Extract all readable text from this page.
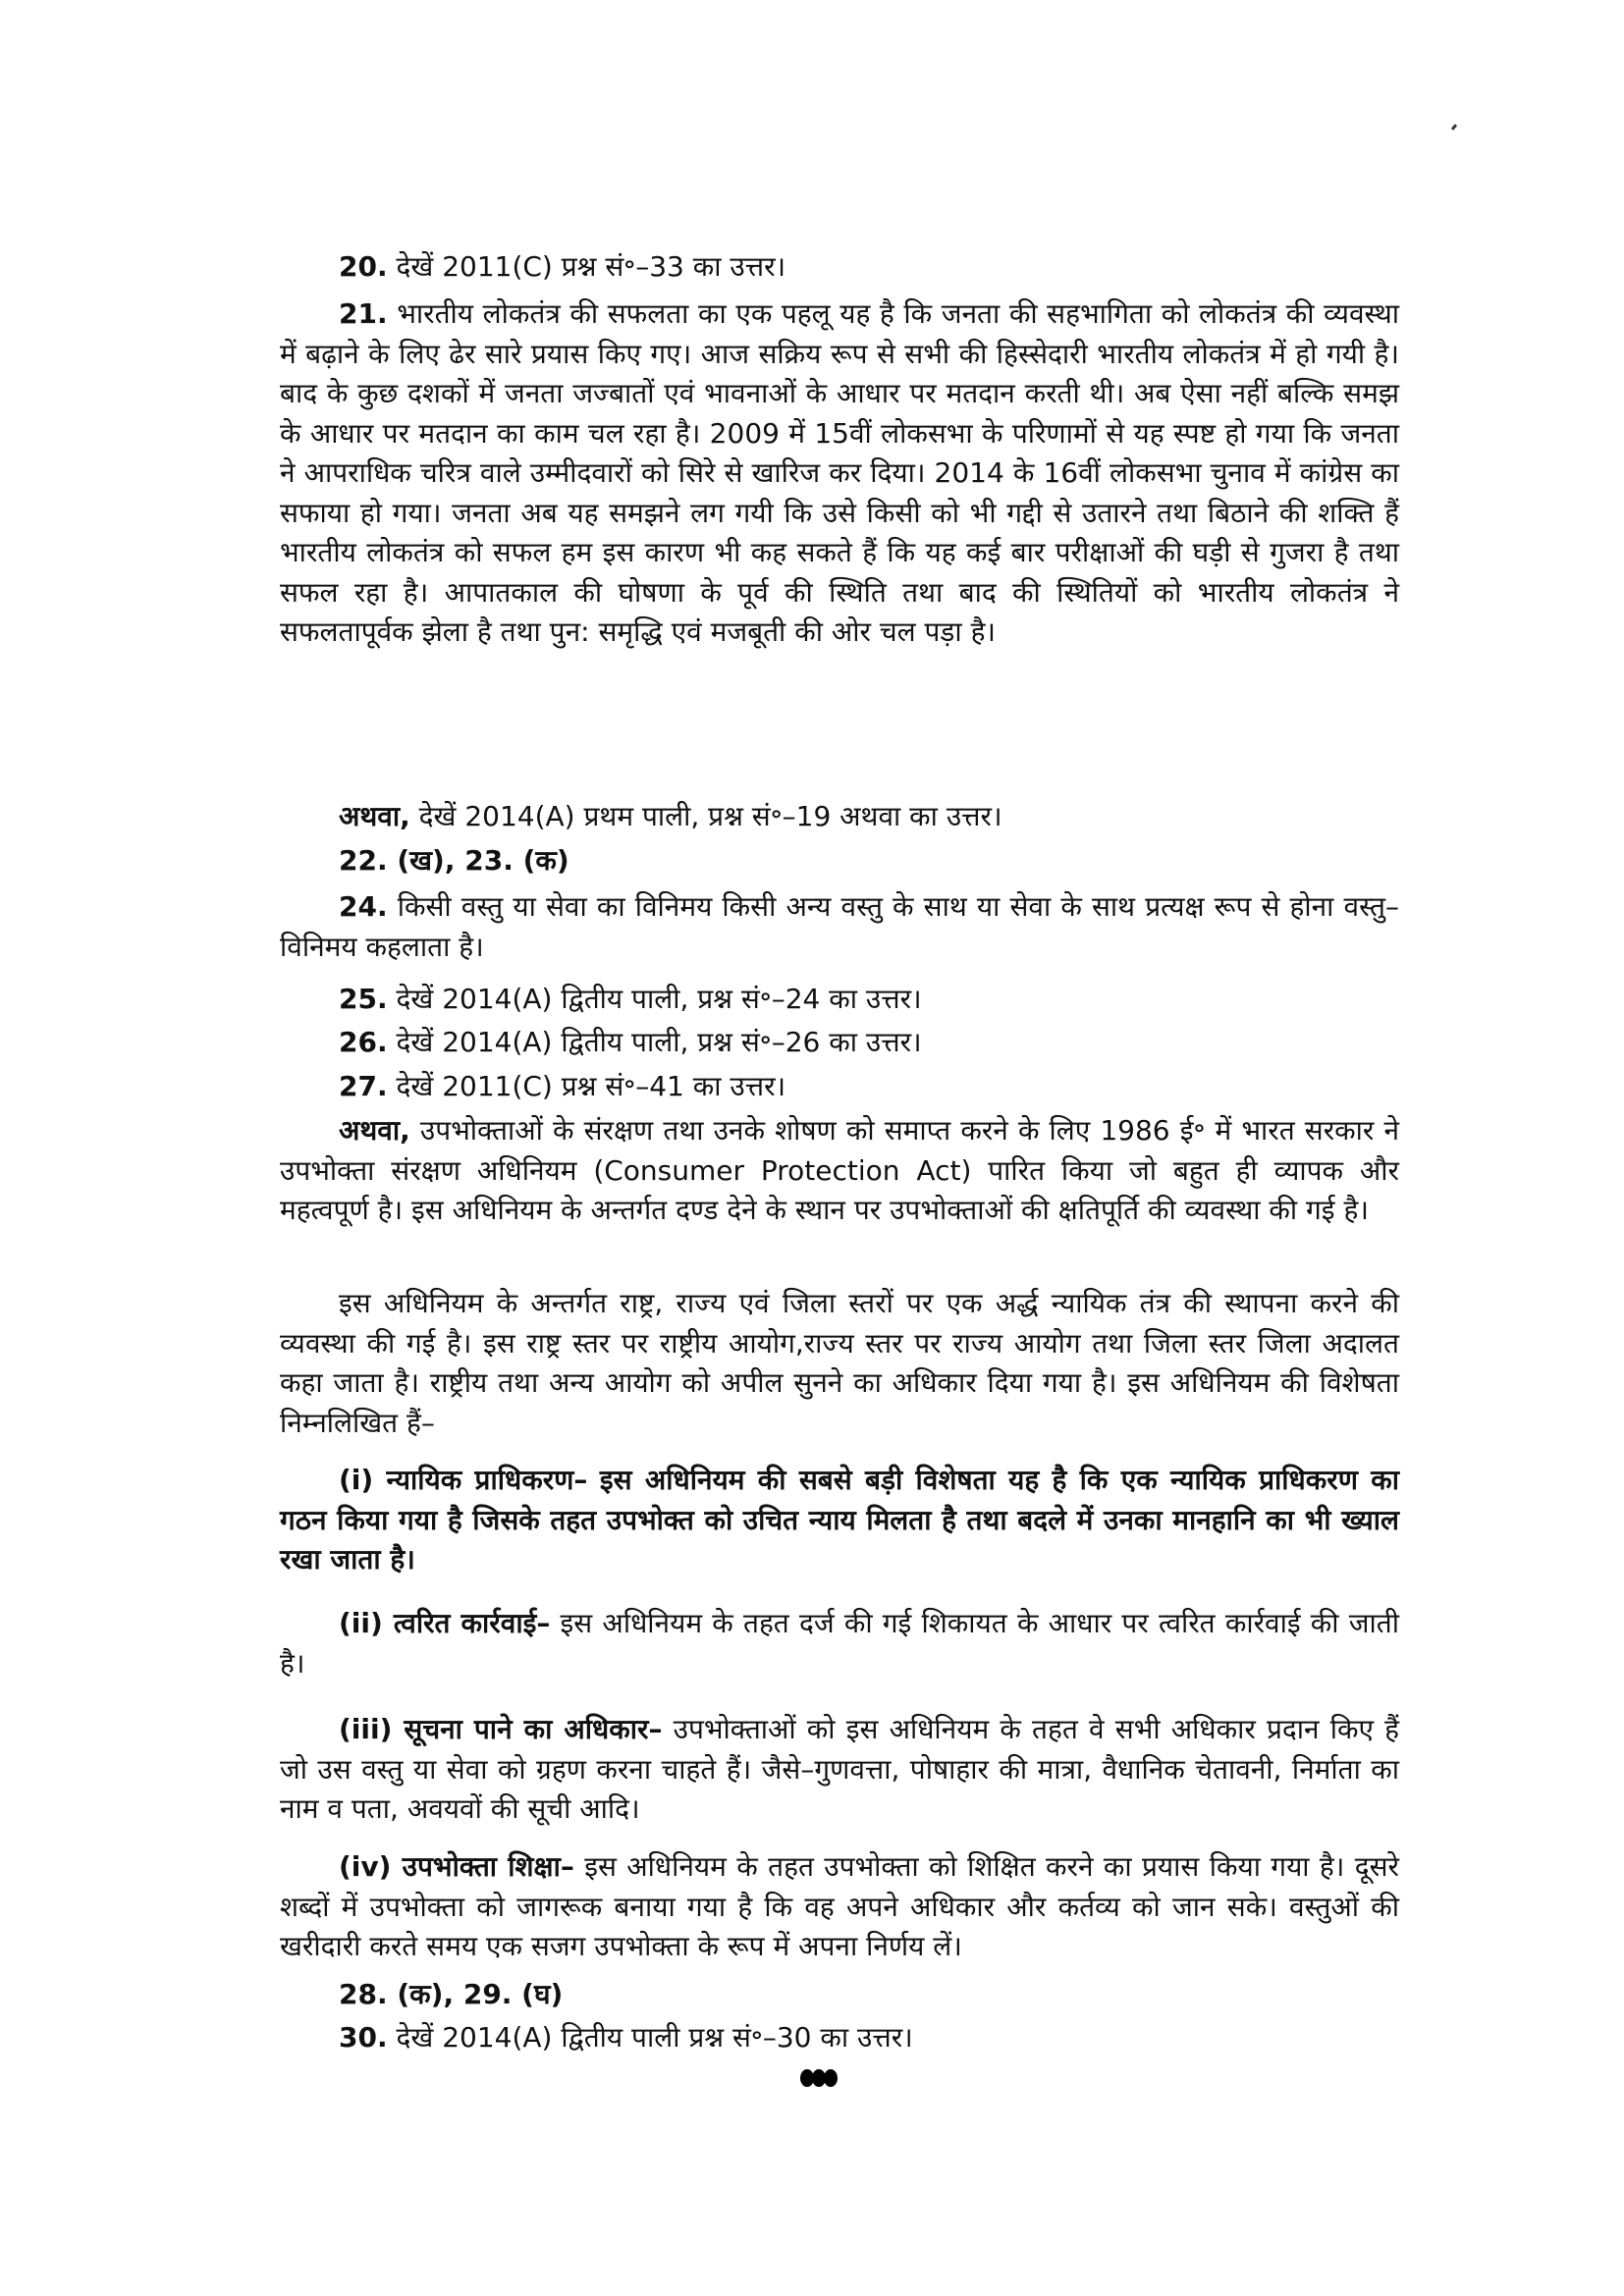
20. देखें 2011(C) प्रश्न सं॰–33 का उत्तर।
21. भारतीय लोकतंत्र की सफलता का एक पहलू यह है कि जनता की सहभागिता को लोकतंत्र की व्यवस्था में बढ़ाने के लिए ढेर सारे प्रयास किए गए। आज सक्रिय रूप से सभी की हिस्सेदारी भारतीय लोकतंत्र में हो गयी है। बाद के कुछ दशकों में जनता जज्बातों एवं भावनाओं के आधार पर मतदान करती थी। अब ऐसा नहीं बल्कि समझ के आधार पर मतदान का काम चल रहा है। 2009 में 15वीं लोकसभा के परिणामों से यह स्पष्ट हो गया कि जनता ने आपराधिक चरित्र वाले उम्मीदवारों को सिरे से खारिज कर दिया। 2014 के 16वीं लोकसभा चुनाव में कांग्रेस का सफाया हो गया। जनता अब यह समझने लग गयी कि उसे किसी को भी गद्दी से उतारने तथा बिठाने की शक्ति हैं भारतीय लोकतंत्र को सफल हम इस कारण भी कह सकते हैं कि यह कई बार परीक्षाओं की घड़ी से गुजरा है तथा सफल रहा है। आपातकाल की घोषणा के पूर्व की स्थिति तथा बाद की स्थितियों को भारतीय लोकतंत्र ने सफलतापूर्वक झेला है तथा पुन: समृद्धि एवं मजबूती की ओर चल पड़ा है।
अथवा, देखें 2014(A) प्रथम पाली, प्रश्न सं॰–19 अथवा का उत्तर।
22. (ख), 23. (क)
24. किसी वस्तु या सेवा का विनिमय किसी अन्य वस्तु के साथ या सेवा के साथ प्रत्यक्ष रूप से होना वस्तु–विनिमय कहलाता है।
25. देखें 2014(A) द्वितीय पाली, प्रश्न सं॰–24 का उत्तर।
26. देखें 2014(A) द्वितीय पाली, प्रश्न सं॰–26 का उत्तर।
27. देखें 2011(C) प्रश्न सं॰–41 का उत्तर।
अथवा, उपभोक्ताओं के संरक्षण तथा उनके शोषण को समाप्त करने के लिए 1986 ई॰ में भारत सरकार ने उपभोक्ता संरक्षण अधिनियम (Consumer Protection Act) पारित किया जो बहुत ही व्यापक और महत्वपूर्ण है। इस अधिनियम के अन्तर्गत दण्ड देने के स्थान पर उपभोक्ताओं की क्षतिपूर्ति की व्यवस्था की गई है।
इस अधिनियम के अन्तर्गत राष्ट्र, राज्य एवं जिला स्तरों पर एक अर्द्ध न्यायिक तंत्र की स्थापना करने की व्यवस्था की गई है। इस राष्ट्र स्तर पर राष्ट्रीय आयोग,राज्य स्तर पर राज्य आयोग तथा जिला स्तर जिला अदालत कहा जाता है। राष्ट्रीय तथा अन्य आयोग को अपील सुनने का अधिकार दिया गया है। इस अधिनियम की विशेषता निम्नलिखित हैं–
(i) न्यायिक प्राधिकरण– इस अधिनियम की सबसे बड़ी विशेषता यह है कि एक न्यायिक प्राधिकरण का गठन किया गया है जिसके तहत उपभोक्त को उचित न्याय मिलता है तथा बदले में उनका मानहानि का भी ख्याल रखा जाता है।
(ii) त्वरित कार्रवाई– इस अधिनियम के तहत दर्ज की गई शिकायत के आधार पर त्वरित कार्रवाई की जाती है।
(iii) सूचना पाने का अधिकार– उपभोक्ताओं को इस अधिनियम के तहत वे सभी अधिकार प्रदान किए हैं जो उस वस्तु या सेवा को ग्रहण करना चाहते हैं। जैसे–गुणवत्ता, पोषाहार की मात्रा, वैधानिक चेतावनी, निर्माता का नाम व पता, अवयवों की सूची आदि।
(iv) उपभोक्ता शिक्षा– इस अधिनियम के तहत उपभोक्ता को शिक्षित करने का प्रयास किया गया है। दूसरे शब्दों में उपभोक्ता को जागरूक बनाया गया है कि वह अपने अधिकार और कर्तव्य को जान सके। वस्तुओं की खरीदारी करते समय एक सजग उपभोक्ता के रूप में अपना निर्णय लें।
28. (क), 29. (घ)
30. देखें 2014(A) द्वितीय पाली प्रश्न सं॰–30 का उत्तर।
